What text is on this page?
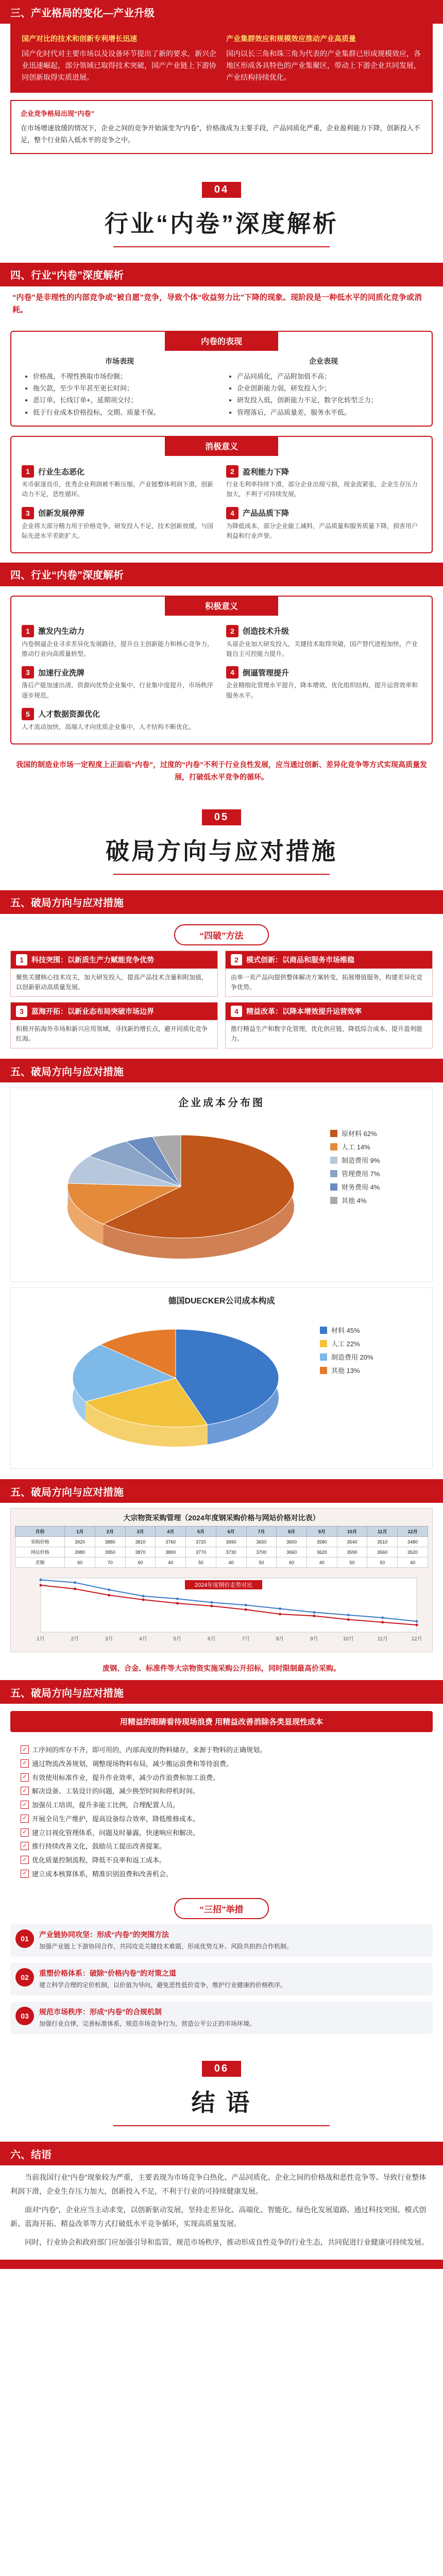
三、产业格局的变化—产业升级
国产对比的技术和创新专利增长迅速
国产化时代对主要市场以及设备环节提出了新的要求，新兴企业迅速崛起，部分领域已取得技术突破，国产产业链上下游协同创新取得实质进展。
产业集群效应和规模效应推动产业高质量
国内以长三角和珠三角为代表的产业集群已形成规模效应，各地区形成各具特色的产业集聚区，带动上下游企业共同发展，产业结构持续优化。
企业竞争格局出现“内卷”
在市场增速放缓的情况下，企业之间的竞争开始演变为“内卷”，价格战成为主要手段，产品同质化严重，企业盈利能力下降，创新投入不足，整个行业陷入低水平的竞争之中。
04
行业“内卷”深度解析
四、行业“内卷”深度解析
“内卷”是非理性的内部竞争或“被自愿”竞争，导致个体“收益努力比”下降的现象。现阶段是一种低水平的同质化竞争或消耗。
内卷的表现
市场表现
• 价格战，不理性换取市场份额；
• 拖欠款，至少半年甚至更长时间；
• 恶订单，长线订单+，延期项交付；
• 低于行业成本价格投标，交期、质量不保。
企业表现
• 产品同质化，产品附加值不高；
• 企业创新能力弱，研发投入少；
• 研发投入低，创新能力不足，数字化转型乏力；
• 管理落后，产品质量差，服务水平低。
消极意义
1	行业生态恶化
劣币驱逐良币，优秀企业利润被不断压缩，产业链整体利润下滑，创新动力不足，恶性循环。
2	盈利能力下降
行业毛利率持续下滑，部分企业出现亏损，现金流紧张，企业生存压力加大，不利于可持续发展。
3	创新发展停滞
企业将大部分精力用于价格竞争，研发投入不足，技术创新放缓，与国际先进水平差距扩大。
4	产品品质下降
为降低成本，部分企业偷工减料，产品质量和服务质量下降，损害用户利益和行业声誉。
四、行业“内卷”深度解析
积极意义
1	激发内生动力
内卷倒逼企业寻求差异化发展路径，提升自主创新能力和核心竞争力，推动行业向高质量转型。
2	创造技术升级
头部企业加大研发投入，关键技术取得突破，国产替代进程加快，产业链自主可控能力提升。
3	加速行业洗牌
落后产能加速出清，资源向优势企业集中，行业集中度提升，市场秩序逐步规范。
4	倒逼管理提升
企业精细化管理水平提升，降本增效，优化组织结构，提升运营效率和服务水平。
5	人才数据资源优化
人才流动加快，高端人才向优质企业集中，人才结构不断优化。
我国的制造业市场一定程度上正面临“内卷”，过度的“内卷”不利于行业良性发展，应当通过创新、差异化竞争等方式实现高质量发展，打破低水平竞争的循环。
05
破局方向与应对措施
五、破局方向与应对措施
“四破”方法
1	科技突围：以新质生产力赋能竞争优势
聚焦关键核心技术攻关，加大研发投入，提高产品技术含量和附加值，以创新驱动高质量发展。
2	模式创新：以商品和服务市场维稳
由单一卖产品向提供整体解决方案转变，拓展增值服务，构建差异化竞争优势。
3	蓝海开拓：以新业态布局突破市场边界
积极开拓海外市场和新兴应用领域，寻找新的增长点，避开同质化竞争红海。
4	精益改革：以降本增效提升运营效率
推行精益生产和数字化管理，优化供应链，降低综合成本，提升盈利能力。
五、破局方向与应对措施
企业成本分布图
原材料 62%
人工 14%
制造费用 9%
管理费用 7%
财务费用 4%
其他 4%
德国DUECKER公司成本构成
材料 45%
人工 22%
制造费用 20%
其他 13%
五、破局方向与应对措施
大宗物资采购管理（2024年度钢采购价格与网站价格对比表）
月份	1月	2月	3月	4月	5月	6月	7月	8月	9月	10月	11月	12月
采购价格	3920	3880	3810	3760	3720	3690	3650	3600	3580	3540	3510	3480
网站价格	3980	3950	3870	3800	3770	3730	3700	3660	3620	3590	3560	3520
差额	60	70	60	40	50	40	50	60	40	50	50	40
1月	2月	3月	4月	5月	6月	7月	8月	9月	10月	11月	12月
2024年度钢价走势对比
废钢、合金、标准件等大宗物资实施采购公开招标，同时限制最高价采购。
五、破局方向与应对措施
用精益的眼睛看待现场浪费 用精益改善消除各类显现性成本
✓ 工序间的库存不齐，即可用的，内部高度的物料储存，来源于物料的正确规划。
✓ 通过物流改善规划，调整现场物料布局，减少搬运浪费和等待浪费。
✓ 有效使用标准作业，提升作业效率，减少动作浪费和加工浪费。
✓ 解决设备、工装设计的问题，减少换型时间和停机时间。
✓ 加强员工培训，提升多能工比例，合理配置人员。
✓ 开展全员生产维护，提高设备综合效率，降低维修成本。
✓ 建立目视化管理体系，问题及时暴露，快速响应和解决。
✓ 推行持续改善文化，鼓励员工提出改善提案。
✓ 优化质量控制流程，降低不良率和返工成本。
✓ 建立成本核算体系，精准识别浪费和改善机会。
“三招”举措
01	产业链协同攻坚：形成“内卷”的突围方法
加强产业链上下游协同合作，共同攻克关键技术难题，形成优势互补、风险共担的合作机制。
02	重塑价格体系：破除“价格内卷”的对策之道
建立科学合理的定价机制，以价值为导向，避免恶性低价竞争，维护行业健康的价格秩序。
03	规范市场秩序：形成“内卷”的合规机制
加强行业自律，完善标准体系，规范市场竞争行为，营造公平公正的市场环境。
06
结 语
六、结语
当前我国行业“内卷”现象较为严重，主要表现为市场竞争白热化、产品同质化、企业之间的价格战和恶性竞争等。导致行业整体利润下滑，企业生存压力加大，创新投入不足，不利于行业的可持续健康发展。
面对“内卷”，企业应当主动求变，以创新驱动发展，坚持走差异化、高端化、智能化、绿色化发展道路。通过科技突围、模式创新、蓝海开拓、精益改革等方式打破低水平竞争循环，实现高质量发展。
同时，行业协会和政府部门应加强引导和监管，规范市场秩序，推动形成良性竞争的行业生态，共同促进行业健康可持续发展。
